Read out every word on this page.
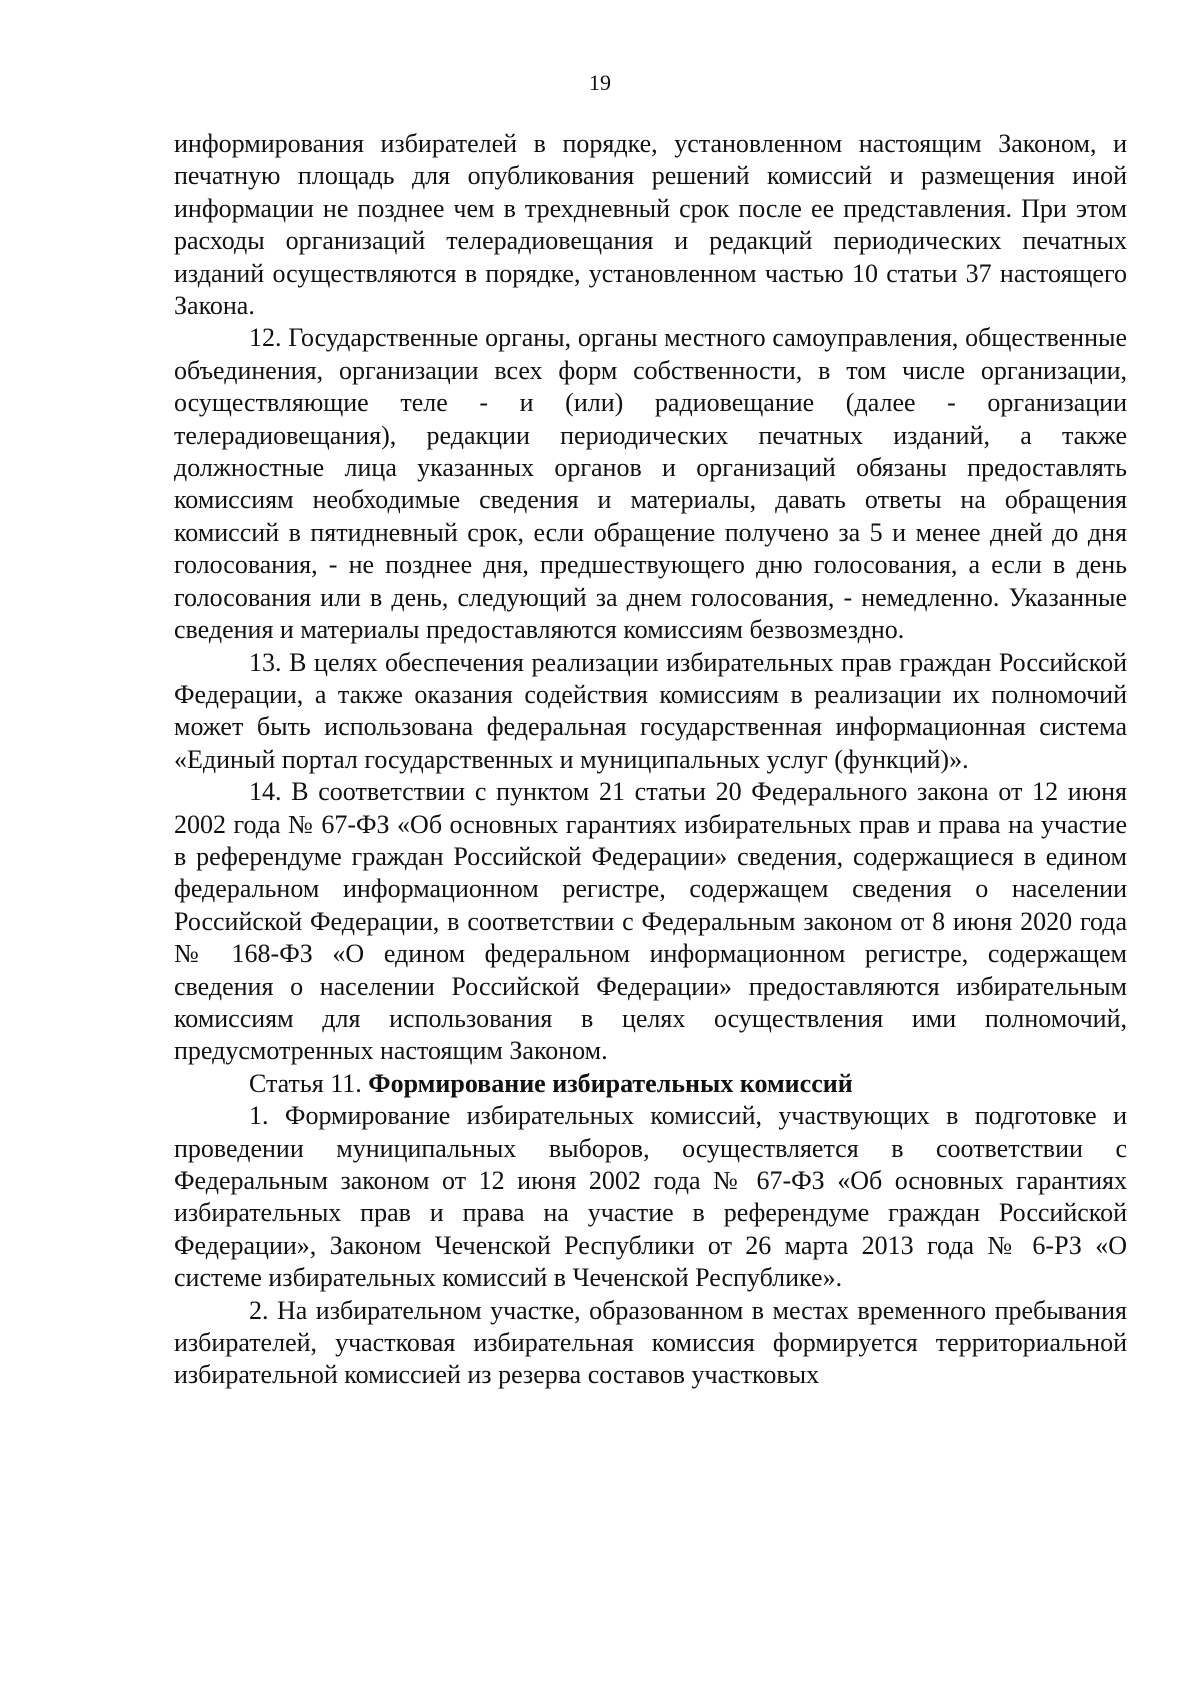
19

информирования избирателей в порядке, установленном настоящим Законом, и печатную площадь для опубликования решений комиссий и размещения иной информации не позднее чем в трехдневный срок после ее представления. При этом расходы организаций телерадиовещания и редакций периодических печатных изданий осуществляются в порядке, установленном частью 10 статьи 37 настоящего Закона.

12. Государственные органы, органы местного самоуправления, общественные объединения, организации всех форм собственности, в том числе организации, осуществляющие теле - и (или) радиовещание (далее - организации телерадиовещания), редакции периодических печатных изданий, а также должностные лица указанных органов и организаций обязаны предоставлять комиссиям необходимые сведения и материалы, давать ответы на обращения комиссий в пятидневный срок, если обращение получено за 5 и менее дней до дня голосования, - не позднее дня, предшествующего дню голосования, а если в день голосования или в день, следующий за днем голосования, - немедленно. Указанные сведения и материалы предоставляются комиссиям безвозмездно.

13. В целях обеспечения реализации избирательных прав граждан Российской Федерации, а также оказания содействия комиссиям в реализации их полномочий может быть использована федеральная государственная информационная система «Единый портал государственных и муниципальных услуг (функций)».

14. В соответствии с пунктом 21 статьи 20 Федерального закона от 12 июня 2002 года № 67-ФЗ «Об основных гарантиях избирательных прав и права на участие в референдуме граждан Российской Федерации» сведения, содержащиеся в едином федеральном информационном регистре, содержащем сведения о населении Российской Федерации, в соответствии с Федеральным законом от 8 июня 2020 года № 168-ФЗ «О едином федеральном информационном регистре, содержащем сведения о населении Российской Федерации» предоставляются избирательным комиссиям для использования в целях осуществления ими полномочий, предусмотренных настоящим Законом.

Статья 11. Формирование избирательных комиссий

1. Формирование избирательных комиссий, участвующих в подготовке и проведении муниципальных выборов, осуществляется в соответствии с Федеральным законом от 12 июня 2002 года № 67-ФЗ «Об основных гарантиях избирательных прав и права на участие в референдуме граждан Российской Федерации», Законом Чеченской Республики от 26 марта 2013 года № 6-РЗ «О системе избирательных комиссий в Чеченской Республике».

2. На избирательном участке, образованном в местах временного пребывания избирателей, участковая избирательная комиссия формируется территориальной избирательной комиссией из резерва составов участковых
